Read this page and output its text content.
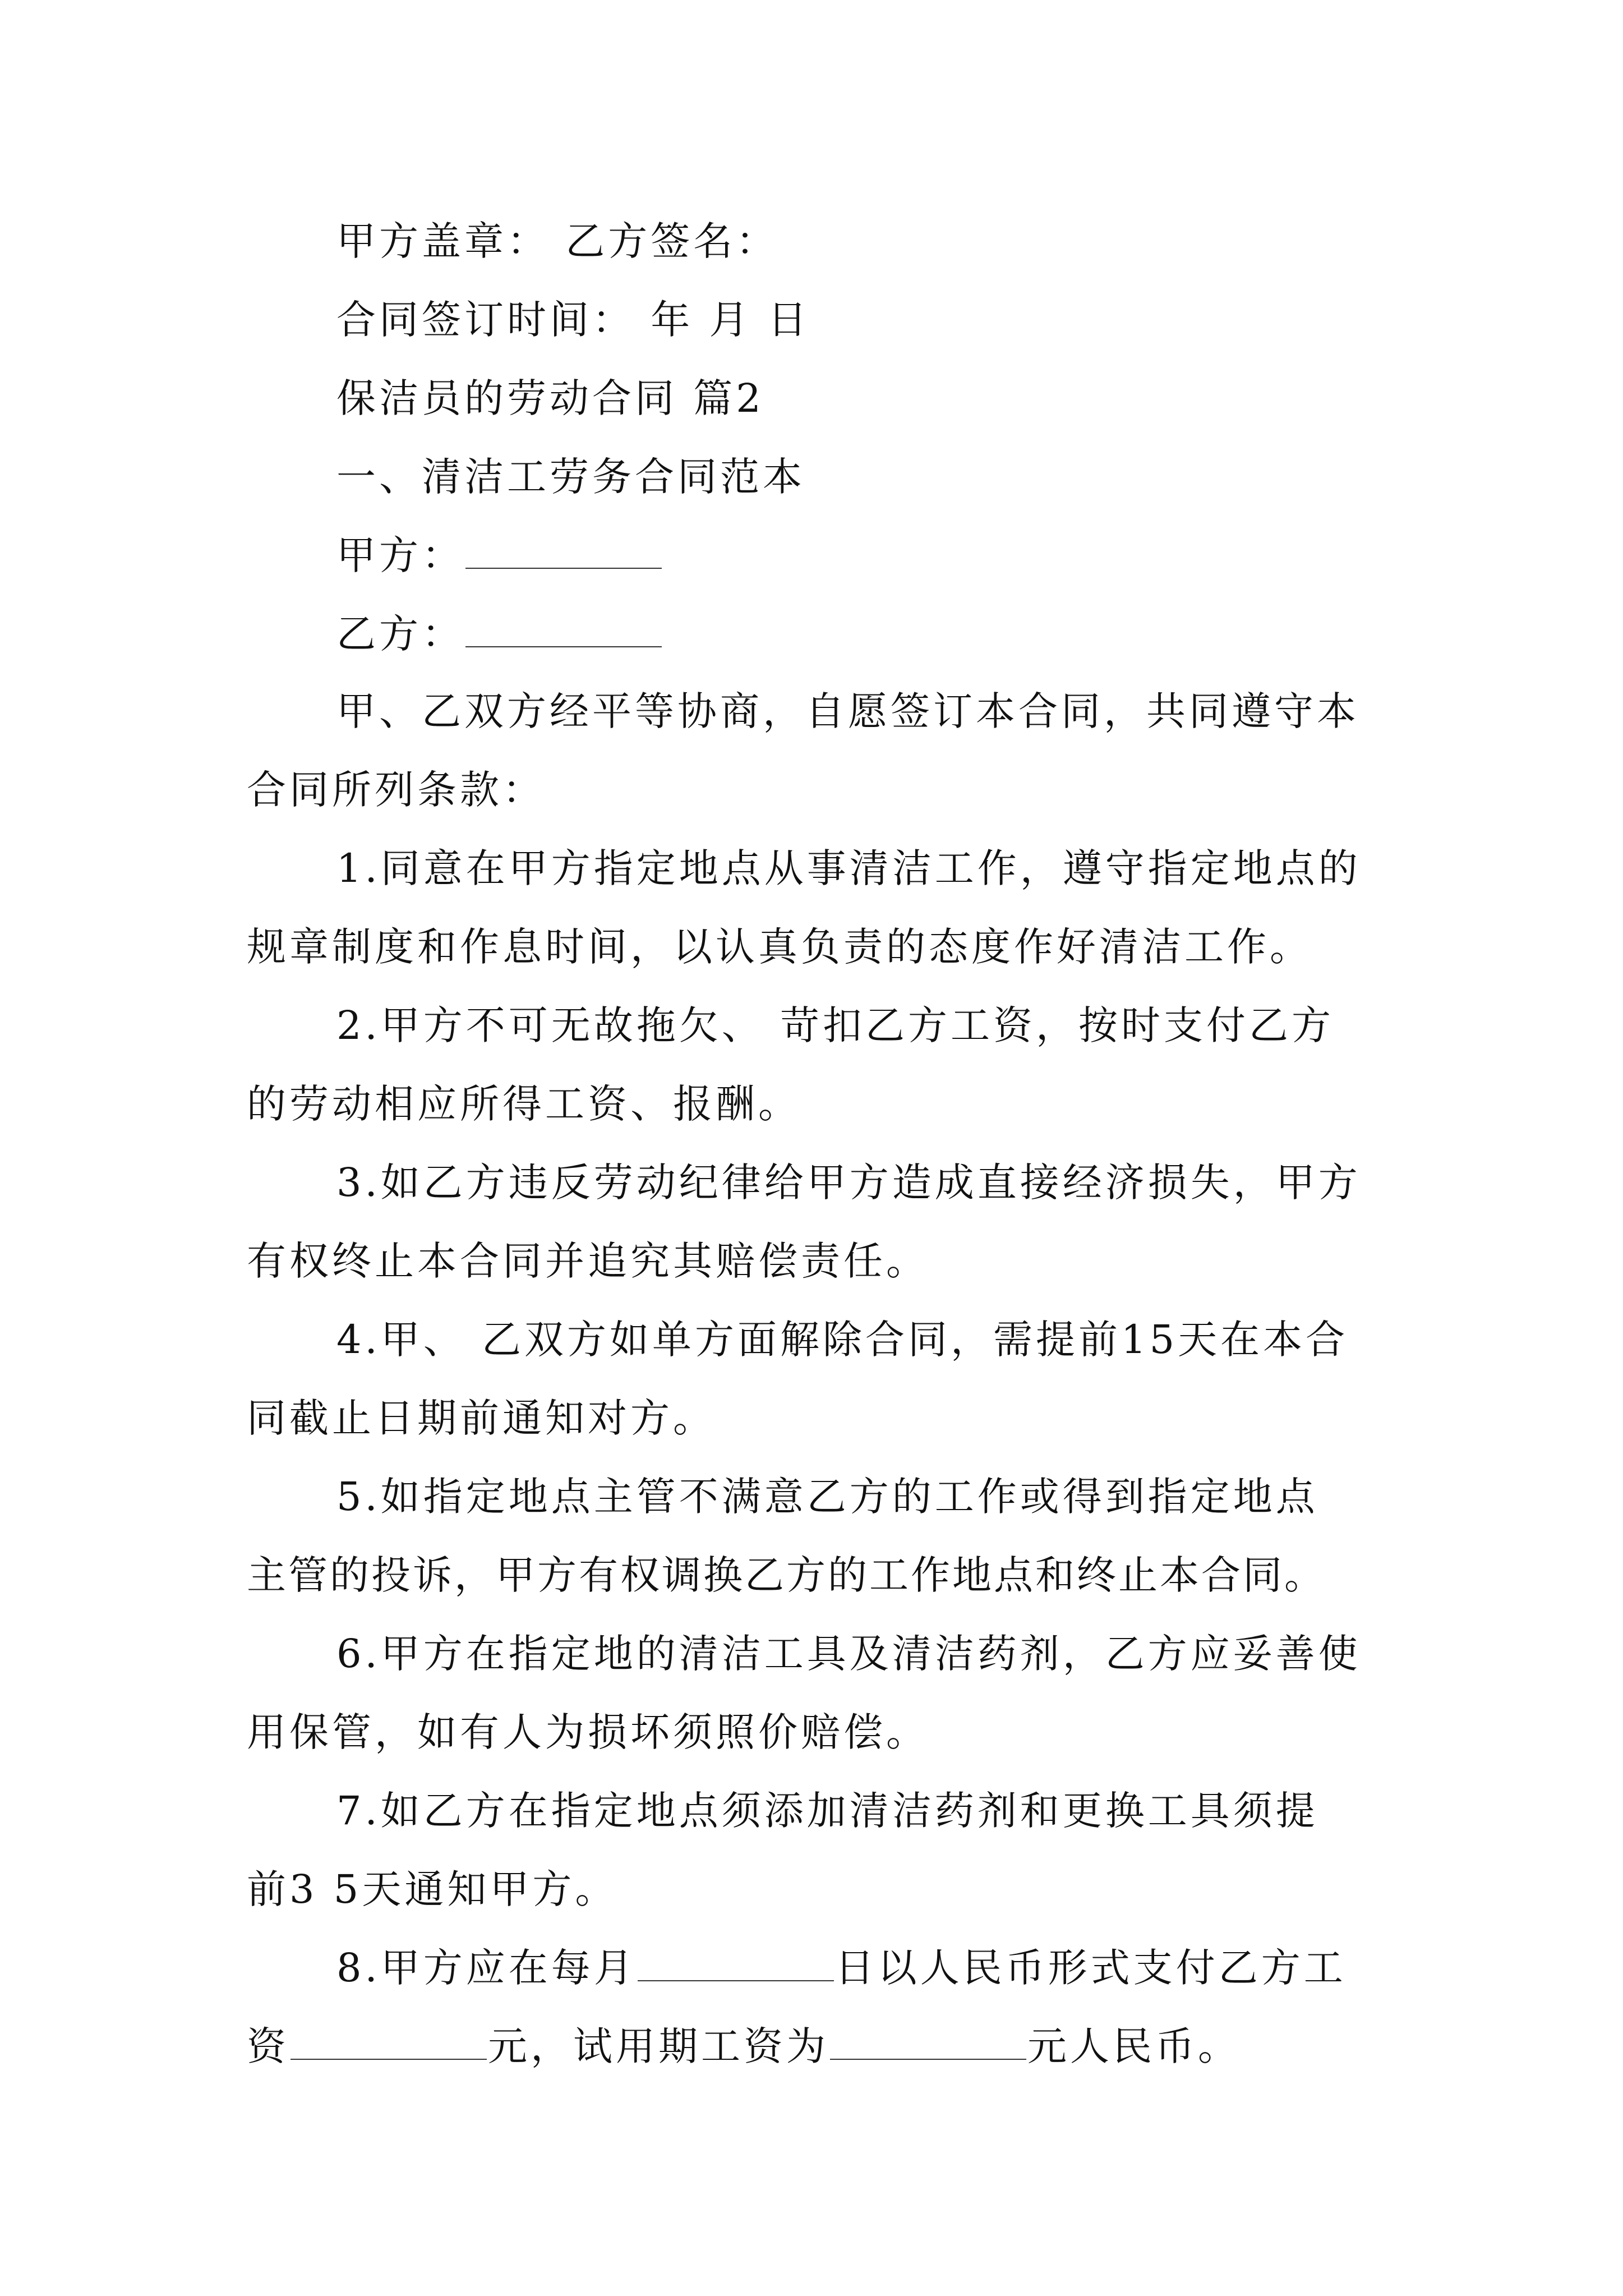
甲方盖章： 乙方签名：
合同签订时间： 年 月 日
保洁员的劳动合同 篇2
一、清洁工劳务合同范本
甲方：
乙方：
甲、乙双方经平等协商，自愿签订本合同，共同遵守本
合同所列条款：
1.同意在甲方指定地点从事清洁工作，遵守指定地点的
规章制度和作息时间，以认真负责的态度作好清洁工作。
2.甲方不可无故拖欠、 苛扣乙方工资，按时支付乙方
的劳动相应所得工资、报酬。
3.如乙方违反劳动纪律给甲方造成直接经济损失，甲方
有权终止本合同并追究其赔偿责任。
4.甲、 乙双方如单方面解除合同，需提前15天在本合
同截止日期前通知对方。
5.如指定地点主管不满意乙方的工作或得到指定地点
主管的投诉，甲方有权调换乙方的工作地点和终止本合同。
6.甲方在指定地的清洁工具及清洁药剂，乙方应妥善使
用保管，如有人为损坏须照价赔偿。
7.如乙方在指定地点须添加清洁药剂和更换工具须提
前3 5天通知甲方。
8.甲方应在每月	日以人民币形式支付乙方工
资	元，试用期工资为	元人民币。
